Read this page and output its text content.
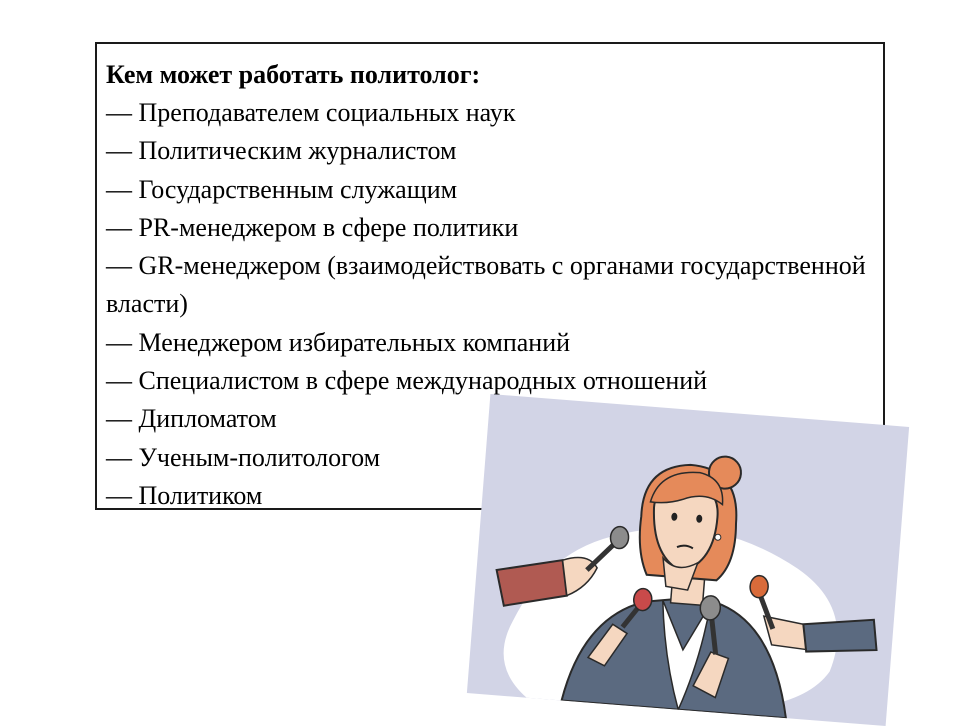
Кем может работать политолог:
— Преподавателем социальных наук
— Политическим журналистом
— Государственным служащим
— PR-менеджером в сфере политики
— GR-менеджером (взаимодействовать с органами государственной власти)
— Менеджером избирательных компаний
— Специалистом в сфере международных отношений
— Дипломатом
— Ученым-политологом
— Политиком
